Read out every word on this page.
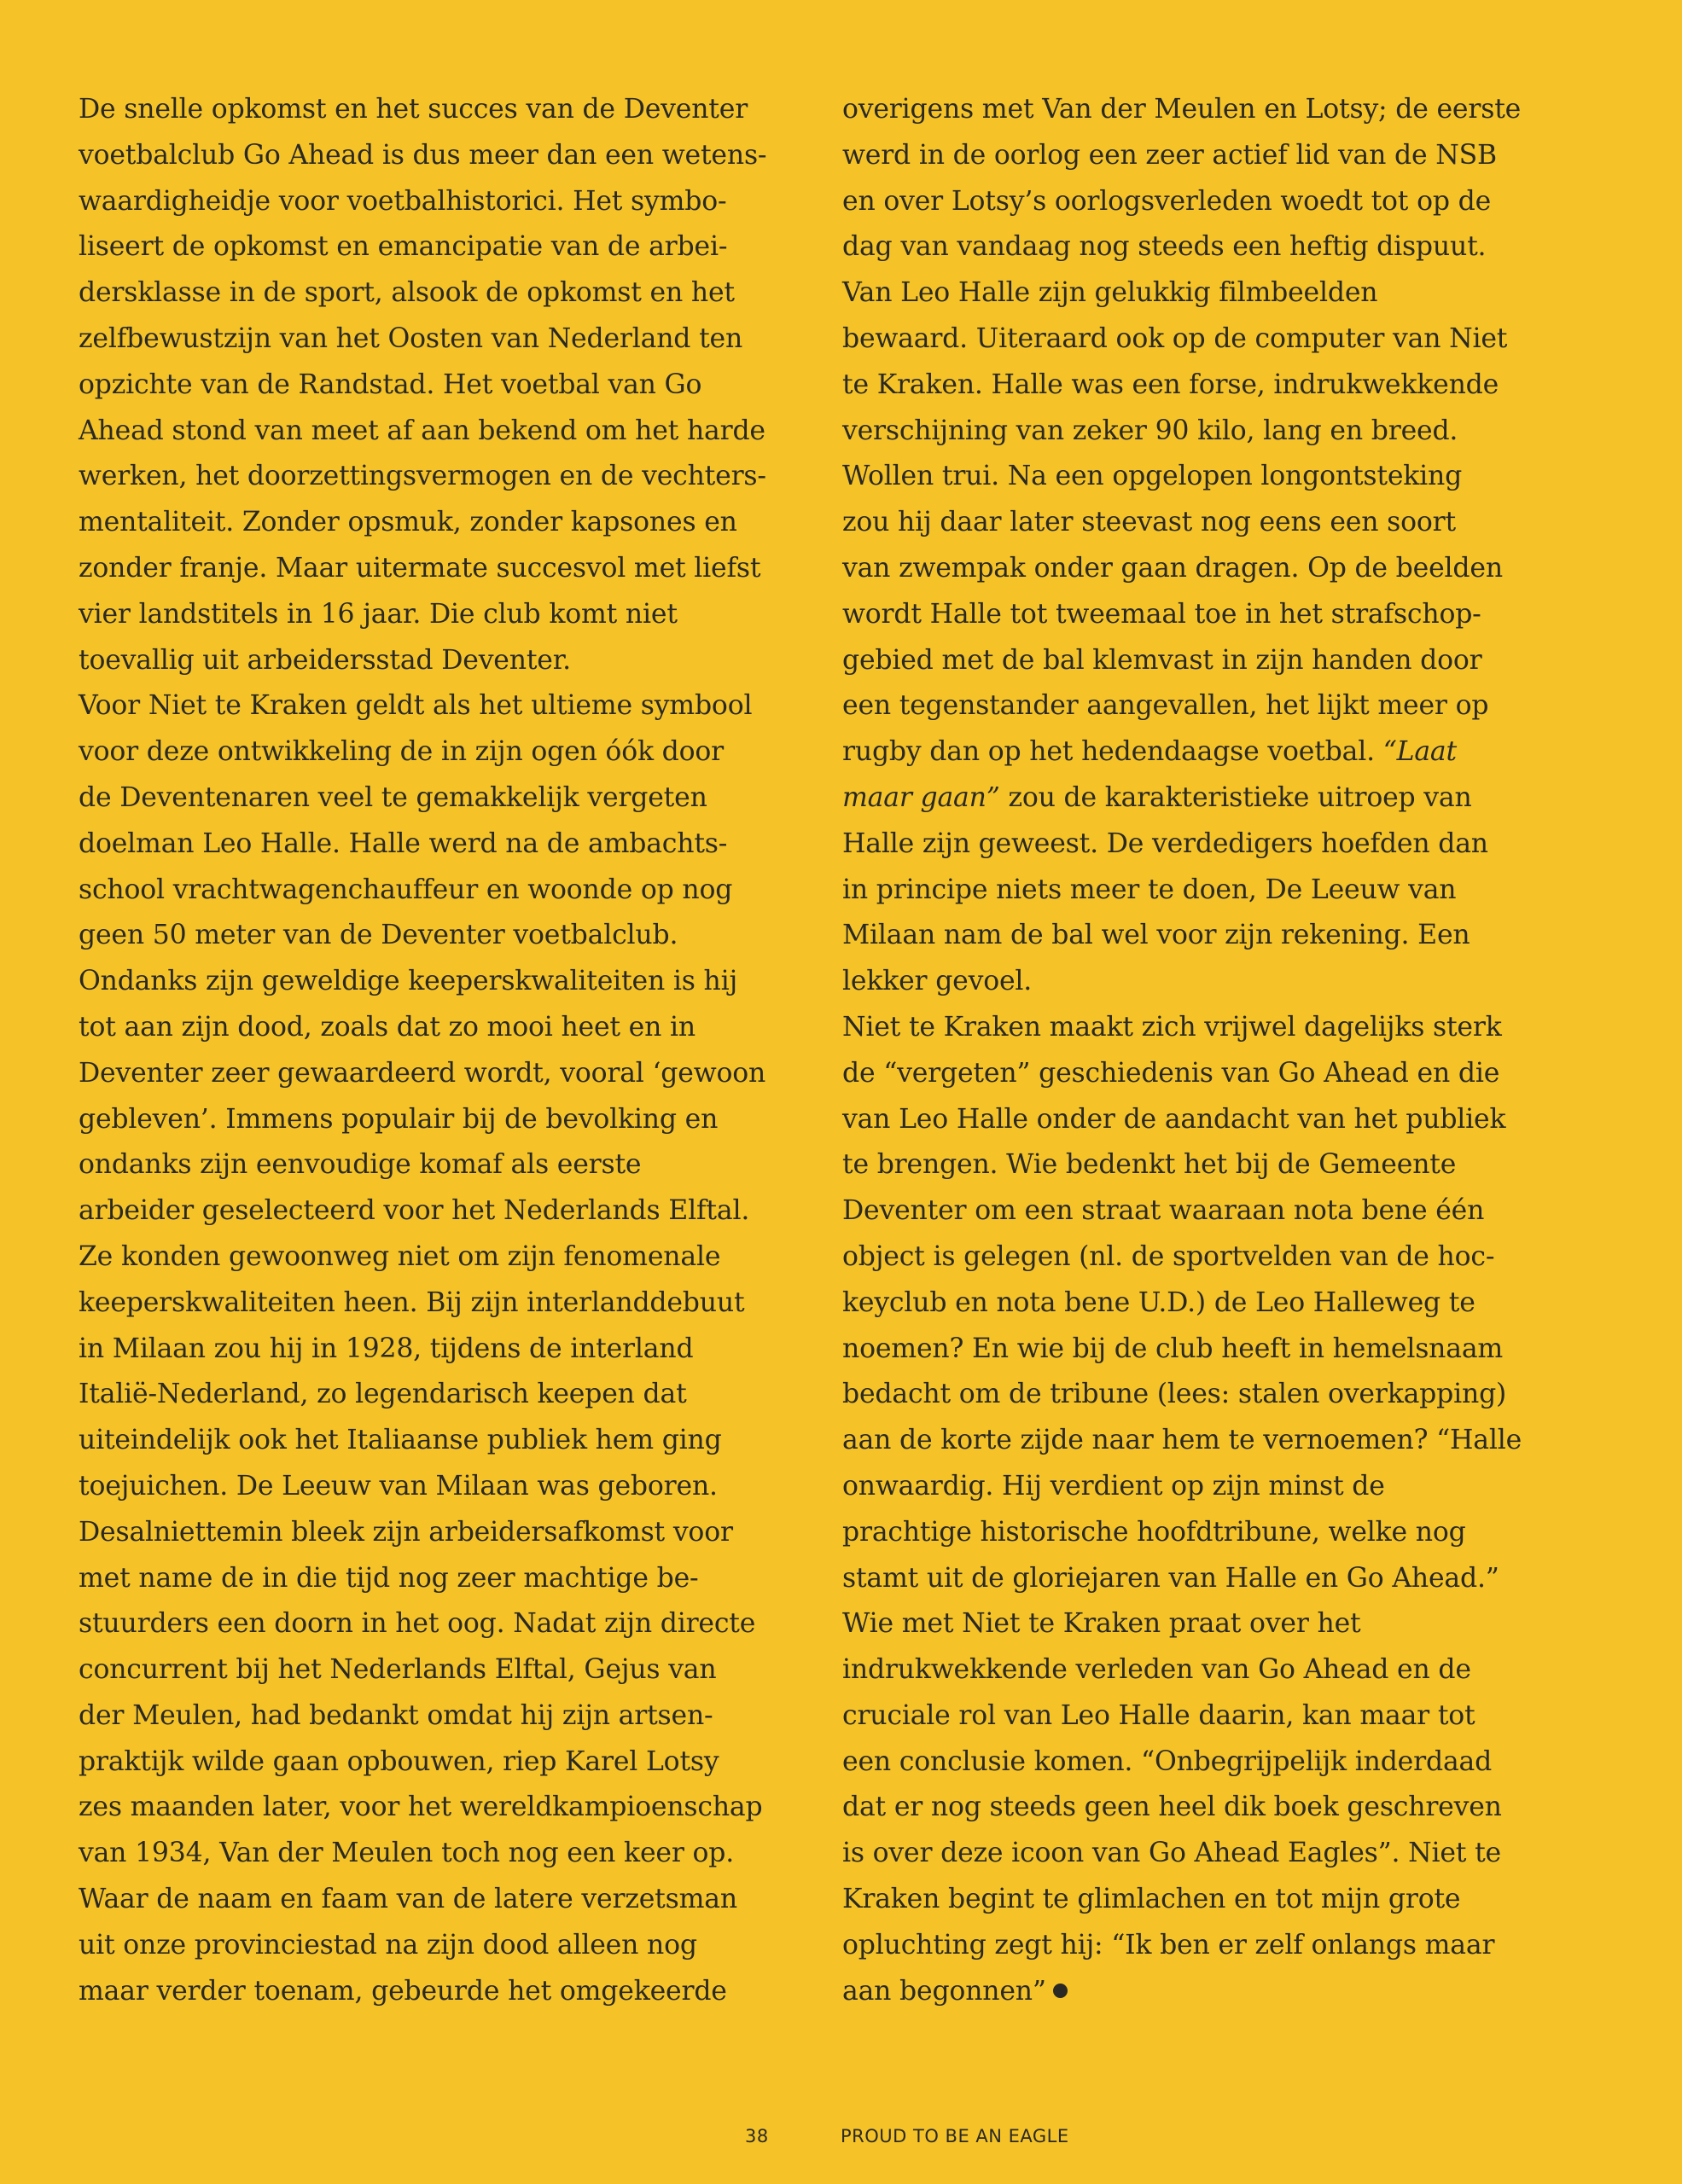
De snelle opkomst en het succes van de Deventer
voetbalclub Go Ahead is dus meer dan een wetens-
waardigheidje voor voetbalhistorici. Het symbo-
liseert de opkomst en emancipatie van de arbei-
dersklasse in de sport, alsook de opkomst en het
zelfbewustzijn van het Oosten van Nederland ten
opzichte van de Randstad. Het voetbal van Go
Ahead stond van meet af aan bekend om het harde
werken, het doorzettingsvermogen en de vechters-
mentaliteit. Zonder opsmuk, zonder kapsones en
zonder franje. Maar uitermate succesvol met liefst
vier landstitels in 16 jaar. Die club komt niet
toevallig uit arbeidersstad Deventer.
Voor Niet te Kraken geldt als het ultieme symbool
voor deze ontwikkeling de in zijn ogen óók door
de Deventenaren veel te gemakkelijk vergeten
doelman Leo Halle. Halle werd na de ambachts-
school vrachtwagenchauffeur en woonde op nog
geen 50 meter van de Deventer voetbalclub.
Ondanks zijn geweldige keeperskwaliteiten is hij
tot aan zijn dood, zoals dat zo mooi heet en in
Deventer zeer gewaardeerd wordt, vooral ‘gewoon
gebleven’. Immens populair bij de bevolking en
ondanks zijn eenvoudige komaf als eerste
arbeider geselecteerd voor het Nederlands Elftal.
Ze konden gewoonweg niet om zijn fenomenale
keeperskwaliteiten heen. Bij zijn interlanddebuut
in Milaan zou hij in 1928, tijdens de interland
Italië-Nederland, zo legendarisch keepen dat
uiteindelijk ook het Italiaanse publiek hem ging
toejuichen. De Leeuw van Milaan was geboren.
Desalniettemin bleek zijn arbeidersafkomst voor
met name de in die tijd nog zeer machtige be-
stuurders een doorn in het oog. Nadat zijn directe
concurrent bij het Nederlands Elftal, Gejus van
der Meulen, had bedankt omdat hij zijn artsen-
praktijk wilde gaan opbouwen, riep Karel Lotsy
zes maanden later, voor het wereldkampioenschap
van 1934, Van der Meulen toch nog een keer op.
Waar de naam en faam van de latere verzetsman
uit onze provinciestad na zijn dood alleen nog
maar verder toenam, gebeurde het omgekeerde
overigens met Van der Meulen en Lotsy; de eerste
werd in de oorlog een zeer actief lid van de NSB
en over Lotsy’s oorlogsverleden woedt tot op de
dag van vandaag nog steeds een heftig dispuut.
Van Leo Halle zijn gelukkig filmbeelden
bewaard. Uiteraard ook op de computer van Niet
te Kraken. Halle was een forse, indrukwekkende
verschijning van zeker 90 kilo, lang en breed.
Wollen trui. Na een opgelopen longontsteking
zou hij daar later steevast nog eens een soort
van zwempak onder gaan dragen. Op de beelden
wordt Halle tot tweemaal toe in het strafschop-
gebied met de bal klemvast in zijn handen door
een tegenstander aangevallen, het lijkt meer op
rugby dan op het hedendaagse voetbal. “Laat
maar gaan” zou de karakteristieke uitroep van
Halle zijn geweest. De verdedigers hoefden dan
in principe niets meer te doen, De Leeuw van
Milaan nam de bal wel voor zijn rekening. Een
lekker gevoel.
Niet te Kraken maakt zich vrijwel dagelijks sterk
de “vergeten” geschiedenis van Go Ahead en die
van Leo Halle onder de aandacht van het publiek
te brengen. Wie bedenkt het bij de Gemeente
Deventer om een straat waaraan nota bene één
object is gelegen (nl. de sportvelden van de hoc-
keyclub en nota bene U.D.) de Leo Halleweg te
noemen? En wie bij de club heeft in hemelsnaam
bedacht om de tribune (lees: stalen overkapping)
aan de korte zijde naar hem te vernoemen? “Halle
onwaardig. Hij verdient op zijn minst de
prachtige historische hoofdtribune, welke nog
stamt uit de gloriejaren van Halle en Go Ahead.”
Wie met Niet te Kraken praat over het
indrukwekkende verleden van Go Ahead en de
cruciale rol van Leo Halle daarin, kan maar tot
een conclusie komen. “Onbegrijpelijk inderdaad
dat er nog steeds geen heel dik boek geschreven
is over deze icoon van Go Ahead Eagles”. Niet te
Kraken begint te glimlachen en tot mijn grote
opluchting zegt hij: “Ik ben er zelf onlangs maar
aan begonnen”
38	PROUD TO BE AN EAGLE
